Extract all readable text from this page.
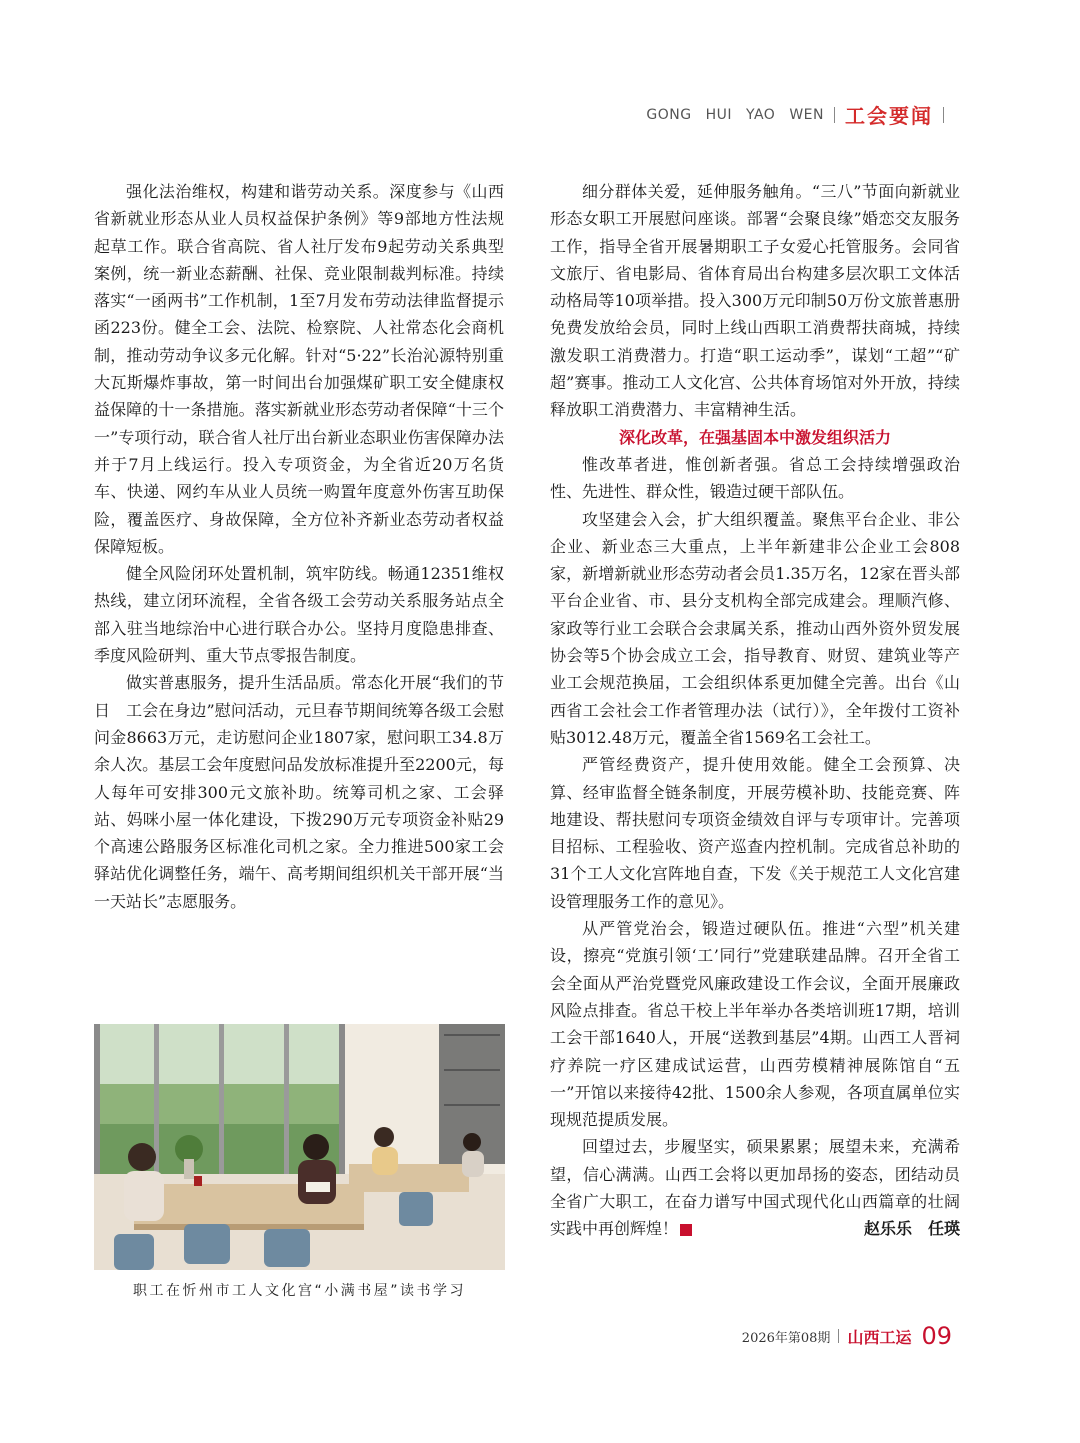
GONG HUI YAO WEN 工会要闻

强化法治维权，构建和谐劳动关系。深度参与《山西省新就业形态从业人员权益保护条例》等9部地方性法规起草工作。联合省高院、省人社厅发布9起劳动关系典型案例，统一新业态薪酬、社保、竞业限制裁判标准。持续落实“一函两书”工作机制，1至7月发布劳动法律监督提示函223份。健全工会、法院、检察院、人社常态化会商机制，推动劳动争议多元化解。针对“5·22”长治沁源特别重大瓦斯爆炸事故，第一时间出台加强煤矿职工安全健康权益保障的十一条措施。落实新就业形态劳动者保障“十三个一”专项行动，联合省人社厅出台新业态职业伤害保障办法并于7月上线运行。投入专项资金，为全省近20万名货车、快递、网约车从业人员统一购置年度意外伤害互助保险，覆盖医疗、身故保障，全方位补齐新业态劳动者权益保障短板。

健全风险闭环处置机制，筑牢防线。畅通12351维权热线，建立闭环流程，全省各级工会劳动关系服务站点全部入驻当地综治中心进行联合办公。坚持月度隐患排查、季度风险研判、重大节点零报告制度。

做实普惠服务，提升生活品质。常态化开展“我们的节日　工会在身边”慰问活动，元旦春节期间统筹各级工会慰问金8663万元，走访慰问企业1807家，慰问职工34.8万余人次。基层工会年度慰问品发放标准提升至2200元，每人每年可安排300元文旅补助。统筹司机之家、工会驿站、妈咪小屋一体化建设，下拨290万元专项资金补贴29个高速公路服务区标准化司机之家。全力推进500家工会驿站优化调整任务，端午、高考期间组织机关干部开展“当一天站长”志愿服务。

职工在忻州市工人文化宫“小满书屋”读书学习

细分群体关爱，延伸服务触角。“三八”节面向新就业形态女职工开展慰问座谈。部署“会聚良缘”婚恋交友服务工作，指导全省开展暑期职工子女爱心托管服务。会同省文旅厅、省电影局、省体育局出台构建多层次职工文体活动格局等10项举措。投入300万元印制50万份文旅普惠册免费发放给会员，同时上线山西职工消费帮扶商城，持续激发职工消费潜力。打造“职工运动季”，谋划“工超”“矿超”赛事。推动工人文化宫、公共体育场馆对外开放，持续释放职工消费潜力、丰富精神生活。

深化改革，在强基固本中激发组织活力

惟改革者进，惟创新者强。省总工会持续增强政治性、先进性、群众性，锻造过硬干部队伍。

攻坚建会入会，扩大组织覆盖。聚焦平台企业、非公企业、新业态三大重点，上半年新建非公企业工会808家，新增新就业形态劳动者会员1.35万名，12家在晋头部平台企业省、市、县分支机构全部完成建会。理顺汽修、家政等行业工会联合会隶属关系，推动山西外资外贸发展协会等5个协会成立工会，指导教育、财贸、建筑业等产业工会规范换届，工会组织体系更加健全完善。出台《山西省工会社会工作者管理办法（试行）》，全年拨付工资补贴3012.48万元，覆盖全省1569名工会社工。

严管经费资产，提升使用效能。健全工会预算、决算、经审监督全链条制度，开展劳模补助、技能竞赛、阵地建设、帮扶慰问专项资金绩效自评与专项审计。完善项目招标、工程验收、资产巡查内控机制。完成省总补助的31个工人文化宫阵地自查，下发《关于规范工人文化宫建设管理服务工作的意见》。

从严管党治会，锻造过硬队伍。推进“六型”机关建设，擦亮“党旗引领‘工’同行”党建联建品牌。召开全省工会全面从严治党暨党风廉政建设工作会议，全面开展廉政风险点排查。省总干校上半年举办各类培训班17期，培训工会干部1640人，开展“送教到基层”4期。山西工人晋祠疗养院一疗区建成试运营，山西劳模精神展陈馆自“五一”开馆以来接待42批、1500余人参观，各项直属单位实现规范提质发展。

回望过去，步履坚实，硕果累累；展望未来，充满希望，信心满满。山西工会将以更加昂扬的姿态，团结动员全省广大职工，在奋力谱写中国式现代化山西篇章的壮阔实践中再创辉煌！	晋	赵乐乐　任瑛

2026年第08期 山西工运 09
